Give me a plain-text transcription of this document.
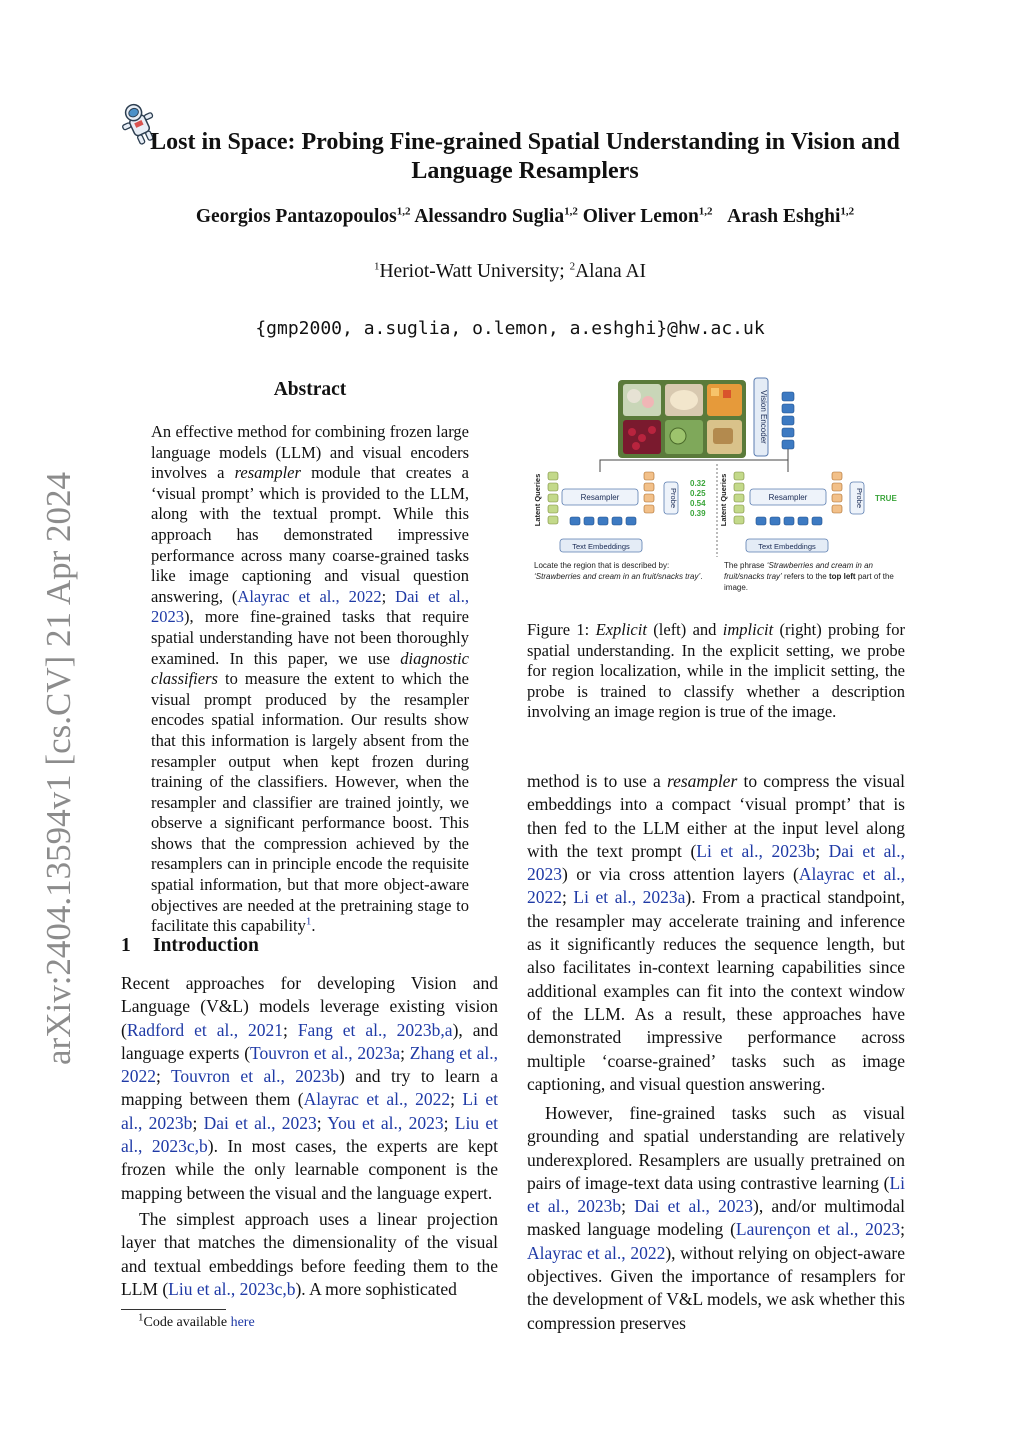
arXiv:2404.13594v1 [cs.CV] 21 Apr 2024
Lost in Space: Probing Fine-grained Spatial Understanding in Vision and
Language Resamplers
Georgios Pantazopoulos$^{1,2}$ Alessandro Suglia$^{1,2}$ Oliver Lemon$^{1,2}$ Arash Eshghi$^{1,2}$
$^1$Heriot-Watt University; $^2$Alana AI
{gmp2000, a.suglia, o.lemon, a.eshghi}@hw.ac.uk
Abstract
An effective method for combining frozen large language models (LLM) and visual encoders involves a resampler module that creates a ‘visual prompt’ which is provided to the LLM, along with the textual prompt. While this approach has demonstrated impressive performance across many coarse-grained tasks like image captioning and visual question answering, (Alayrac et al., 2022; Dai et al., 2023), more fine-grained tasks that require spatial understanding have not been thoroughly examined. In this paper, we use diagnostic classifiers to measure the extent to which the visual prompt produced by the resampler encodes spatial information. Our results show that this information is largely absent from the resampler output when kept frozen during training of the classifiers. However, when the resampler and classifier are trained jointly, we observe a significant performance boost. This shows that the compression achieved by the resamplers can in principle encode the requisite spatial information, but that more object-aware objectives are needed at the pretraining stage to facilitate this capability$^1$.
1 Introduction
Recent approaches for developing Vision and Language (V&L) models leverage existing vision (Radford et al., 2021; Fang et al., 2023b,a), and language experts (Touvron et al., 2023a; Zhang et al., 2022; Touvron et al., 2023b) and try to learn a mapping between them (Alayrac et al., 2022; Li et al., 2023b; Dai et al., 2023; You et al., 2023; Liu et al., 2023c,b). In most cases, the experts are kept frozen while the only learnable component is the mapping between the visual and the language expert.
The simplest approach uses a linear projection layer that matches the dimensionality of the visual and textual embeddings before feeding them to the LLM (Liu et al., 2023c,b). A more sophisticated
$^1$Code available here
Vision Encoder
Latent Queries	Resampler	Probe
0.32
0.25
0.54
0.39
Text Embeddings
Locate the region that is described by: ‘Strawberries and cream in an fruit/snacks tray’.
Latent Queries	Resampler	Probe TRUE
Text Embeddings
The phrase ‘Strawberries and cream in an fruit/snacks tray’ refers to the top left part of the image.
Figure 1: Explicit (left) and implicit (right) probing for spatial understanding. In the explicit setting, we probe for region localization, while in the implicit setting, the probe is trained to classify whether a description involving an image region is true of the image.
method is to use a resampler to compress the visual embeddings into a compact ‘visual prompt’ that is then fed to the LLM either at the input level along with the text prompt (Li et al., 2023b; Dai et al., 2023) or via cross attention layers (Alayrac et al., 2022; Li et al., 2023a). From a practical standpoint, the resampler may accelerate training and inference as it significantly reduces the sequence length, but also facilitates in-context learning capabilities since additional examples can fit into the context window of the LLM. As a result, these approaches have demonstrated impressive performance across multiple ‘coarse-grained’ tasks such as image captioning, and visual question answering.
However, fine-grained tasks such as visual grounding and spatial understanding are relatively underexplored. Resamplers are usually pretrained on pairs of image-text data using contrastive learning (Li et al., 2023b; Dai et al., 2023), and/or multimodal masked language modeling (Laurençon et al., 2023; Alayrac et al., 2022), without relying on object-aware objectives. Given the importance of resamplers for the development of V&L models, we ask whether this compression preserves
